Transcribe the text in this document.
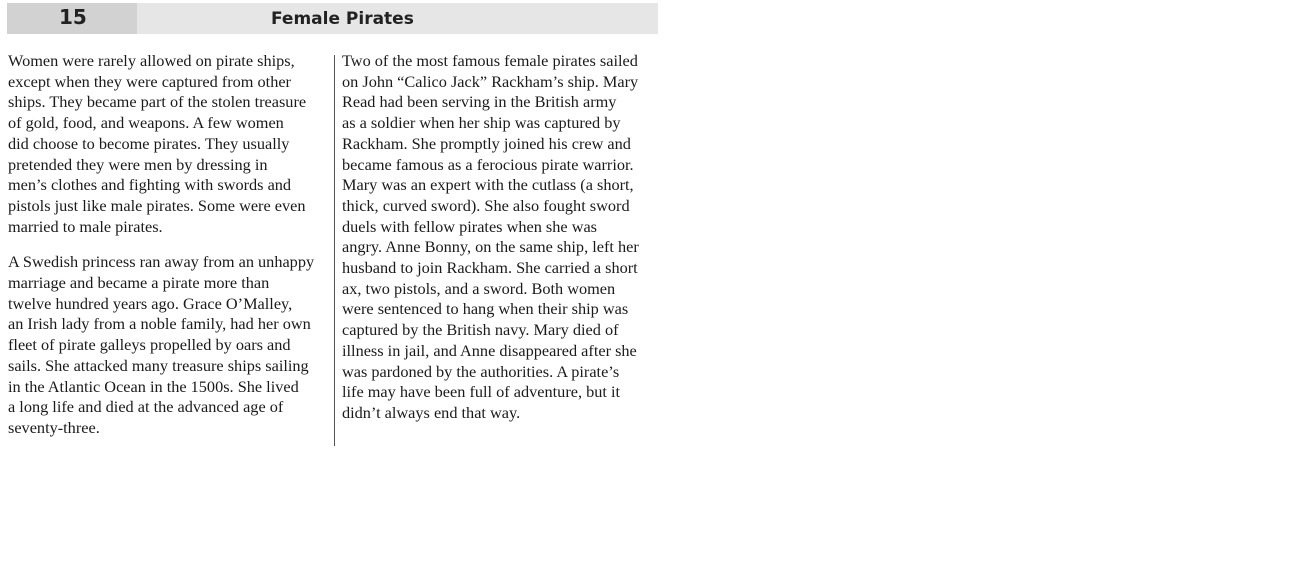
15	Female Pirates

Women were rarely allowed on pirate ships,
except when they were captured from other
ships. They became part of the stolen treasure
of gold, food, and weapons. A few women
did choose to become pirates. They usually
pretended they were men by dressing in
men’s clothes and fighting with swords and
pistols just like male pirates. Some were even
married to male pirates.

A Swedish princess ran away from an unhappy
marriage and became a pirate more than
twelve hundred years ago. Grace O’Malley,
an Irish lady from a noble family, had her own
fleet of pirate galleys propelled by oars and
sails. She attacked many treasure ships sailing
in the Atlantic Ocean in the 1500s. She lived
a long life and died at the advanced age of
seventy-three.

Two of the most famous female pirates sailed
on John “Calico Jack” Rackham’s ship. Mary
Read had been serving in the British army
as a soldier when her ship was captured by
Rackham. She promptly joined his crew and
became famous as a ferocious pirate warrior.
Mary was an expert with the cutlass (a short,
thick, curved sword). She also fought sword
duels with fellow pirates when she was
angry. Anne Bonny, on the same ship, left her
husband to join Rackham. She carried a short
ax, two pistols, and a sword. Both women
were sentenced to hang when their ship was
captured by the British navy. Mary died of
illness in jail, and Anne disappeared after she
was pardoned by the authorities. A pirate’s
life may have been full of adventure, but it
didn’t always end that way.
